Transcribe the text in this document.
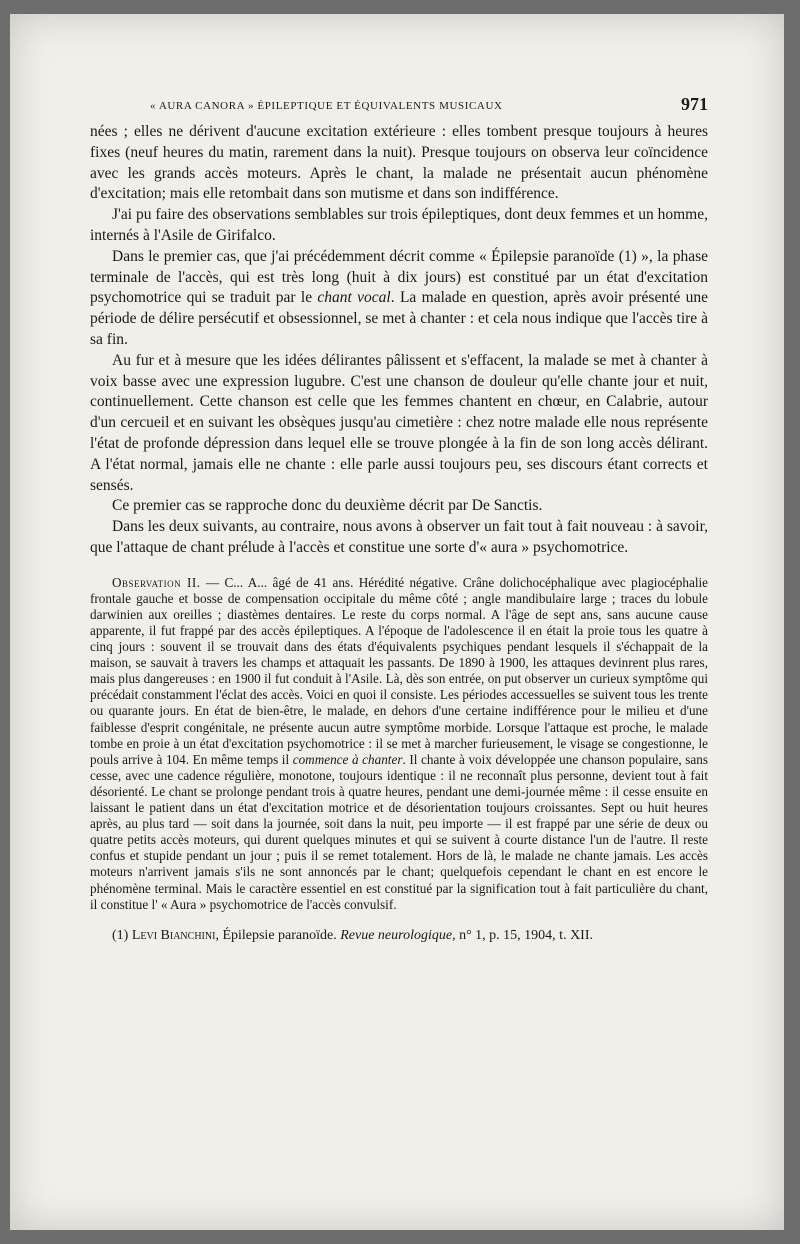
« AURA CANORA » ÉPILEPTIQUE ET ÉQUIVALENTS MUSICAUX	971

nées ; elles ne dérivent d'aucune excitation extérieure : elles tombent presque toujours à heures fixes (neuf heures du matin, rarement dans la nuit). Presque toujours on observa leur coïncidence avec les grands accès moteurs. Après le chant, la malade ne présentait aucun phénomène d'excitation; mais elle retombait dans son mutisme et dans son indifférence.

J'ai pu faire des observations semblables sur trois épileptiques, dont deux femmes et un homme, internés à l'Asile de Girifalco.

Dans le premier cas, que j'ai précédemment décrit comme « Épilepsie paranoïde (1) », la phase terminale de l'accès, qui est très long (huit à dix jours) est constitué par un état d'excitation psychomotrice qui se traduit par le chant vocal. La malade en question, après avoir présenté une période de délire persécutif et obsessionnel, se met à chanter : et cela nous indique que l'accès tire à sa fin.

Au fur et à mesure que les idées délirantes pâlissent et s'effacent, la malade se met à chanter à voix basse avec une expression lugubre. C'est une chanson de douleur qu'elle chante jour et nuit, continuellement. Cette chanson est celle que les femmes chantent en chœur, en Calabrie, autour d'un cercueil et en suivant les obsèques jusqu'au cimetière : chez notre malade elle nous représente l'état de profonde dépression dans lequel elle se trouve plongée à la fin de son long accès délirant. A l'état normal, jamais elle ne chante : elle parle aussi toujours peu, ses discours étant corrects et sensés.

Ce premier cas se rapproche donc du deuxième décrit par De Sanctis.

Dans les deux suivants, au contraire, nous avons à observer un fait tout à fait nouveau : à savoir, que l'attaque de chant prélude à l'accès et constitue une sorte d'« aura » psychomotrice.

Observation II. — C... A... âgé de 41 ans. Hérédité négative. Crâne dolichocéphalique avec plagiocéphalie frontale gauche et bosse de compensation occipitale du même côté ; angle mandibulaire large ; traces du lobule darwinien aux oreilles ; diastèmes dentaires. Le reste du corps normal. A l'âge de sept ans, sans aucune cause apparente, il fut frappé par des accès épileptiques. A l'époque de l'adolescence il en était la proie tous les quatre à cinq jours : souvent il se trouvait dans des états d'équivalents psychiques pendant lesquels il s'échappait de la maison, se sauvait à travers les champs et attaquait les passants. De 1890 à 1900, les attaques devinrent plus rares, mais plus dangereuses : en 1900 il fut conduit à l'Asile. Là, dès son entrée, on put observer un curieux symptôme qui précédait constamment l'éclat des accès. Voici en quoi il consiste. Les périodes accessuelles se suivent tous les trente ou quarante jours. En état de bien-être, le malade, en dehors d'une certaine indifférence pour le milieu et d'une faiblesse d'esprit congénitale, ne présente aucun autre symptôme morbide. Lorsque l'attaque est proche, le malade tombe en proie à un état d'excitation psychomotrice : il se met à marcher furieusement, le visage se congestionne, le pouls arrive à 104. En même temps il commence à chanter. Il chante à voix développée une chanson populaire, sans cesse, avec une cadence régulière, monotone, toujours identique : il ne reconnaît plus personne, devient tout à fait désorienté. Le chant se prolonge pendant trois à quatre heures, pendant une demi-journée même : il cesse ensuite en laissant le patient dans un état d'excitation motrice et de désorientation toujours croissantes. Sept ou huit heures après, au plus tard — soit dans la journée, soit dans la nuit, peu importe — il est frappé par une série de deux ou quatre petits accès moteurs, qui durent quelques minutes et qui se suivent à courte distance l'un de l'autre. Il reste confus et stupide pendant un jour ; puis il se remet totalement. Hors de là, le malade ne chante jamais. Les accès moteurs n'arrivent jamais s'ils ne sont annoncés par le chant; quelquefois cependant le chant en est encore le phénomène terminal. Mais le caractère essentiel en est constitué par la signification tout à fait particulière du chant, il constitue l' « Aura » psychomotrice de l'accès convulsif.

(1) Levi Bianchini, Épilepsie paranoïde. Revue neurologique, n° 1, p. 15, 1904, t. XII.
